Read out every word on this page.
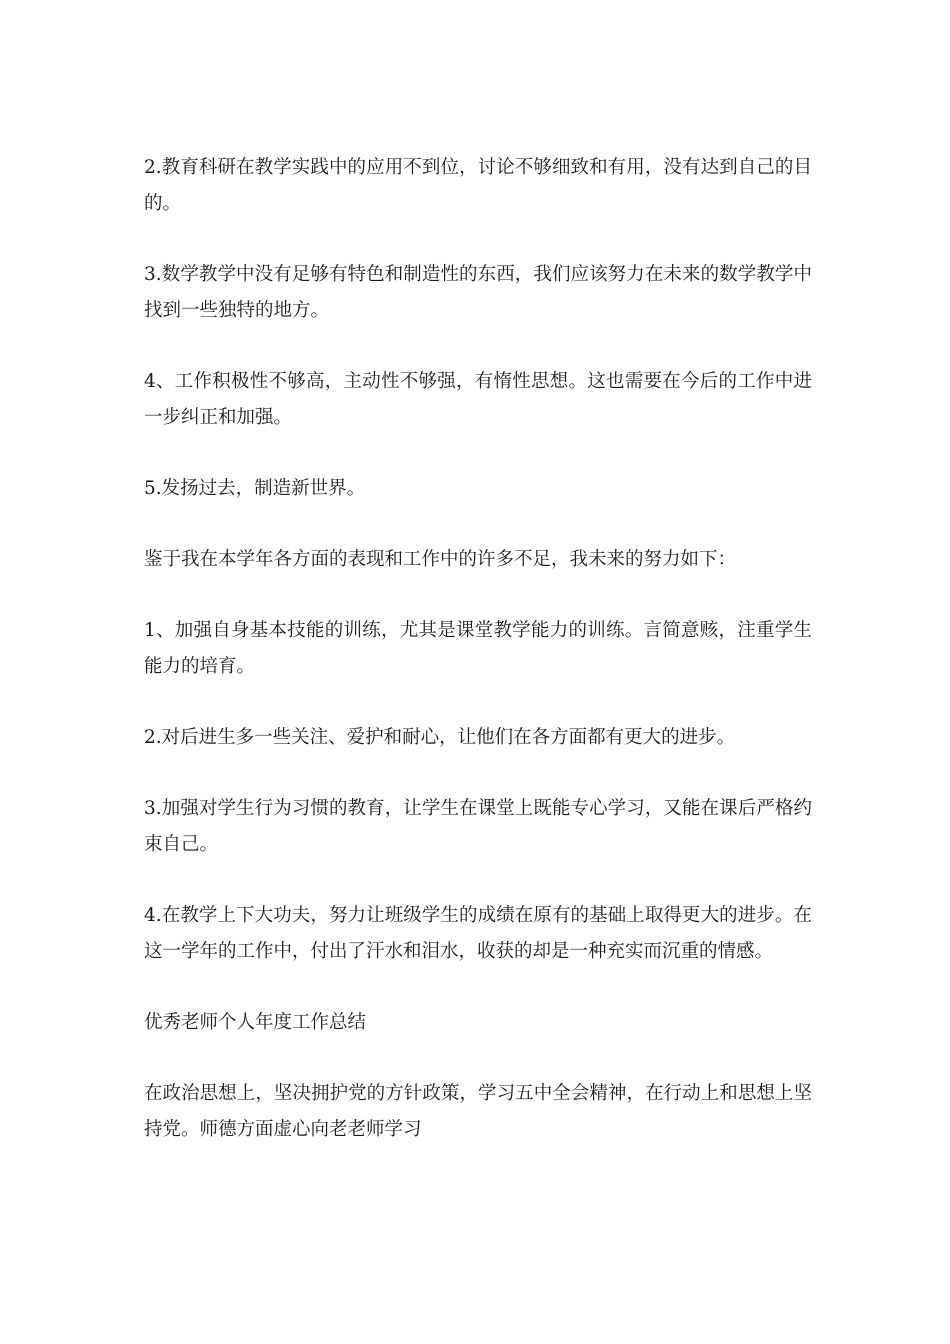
2.教育科研在教学实践中的应用不到位，讨论不够细致和有用，没有达到自己的目的。

3.数学教学中没有足够有特色和制造性的东西，我们应该努力在未来的数学教学中找到一些独特的地方。

4、工作积极性不够高，主动性不够强，有惰性思想。这也需要在今后的工作中进一步纠正和加强。

5.发扬过去，制造新世界。

鉴于我在本学年各方面的表现和工作中的许多不足，我未来的努力如下：

1、加强自身基本技能的训练，尤其是课堂教学能力的训练。言简意赅，注重学生能力的培育。

2.对后进生多一些关注、爱护和耐心，让他们在各方面都有更大的进步。

3.加强对学生行为习惯的教育，让学生在课堂上既能专心学习，又能在课后严格约束自己。

4.在教学上下大功夫，努力让班级学生的成绩在原有的基础上取得更大的进步。在这一学年的工作中，付出了汗水和泪水，收获的却是一种充实而沉重的情感。

优秀老师个人年度工作总结

在政治思想上，坚决拥护党的方针政策，学习五中全会精神，在行动上和思想上坚持党。师德方面虚心向老老师学习
